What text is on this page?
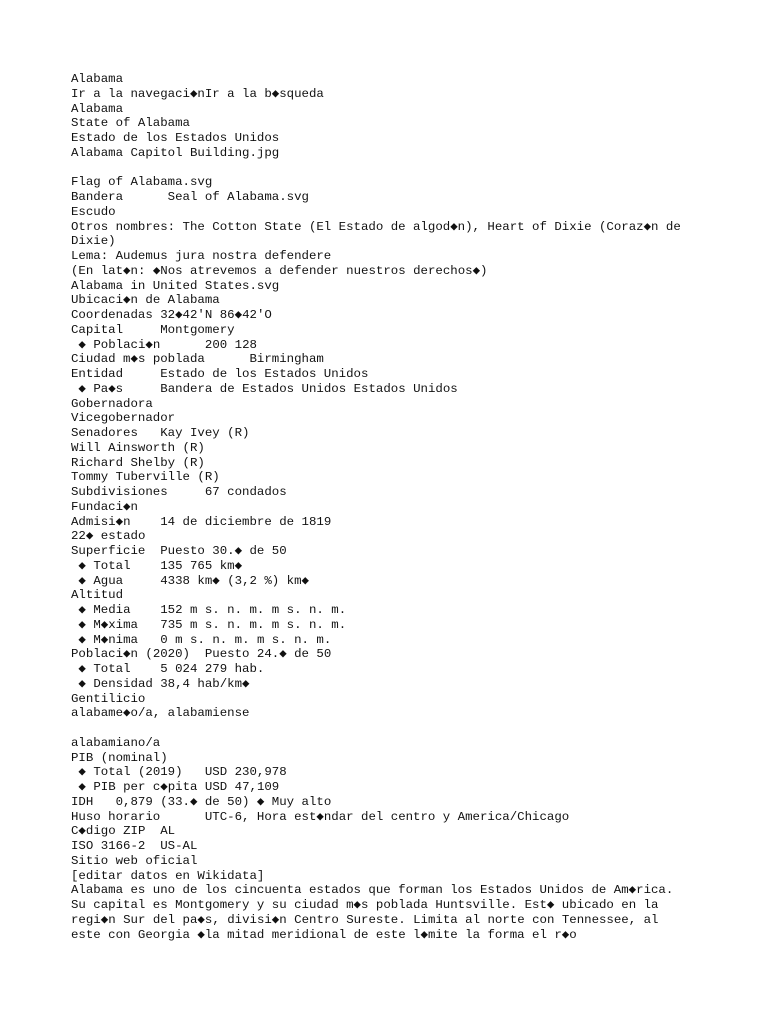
Alabama
Ir a la navegaci◆nIr a la b◆squeda
Alabama
State of Alabama
Estado de los Estados Unidos
Alabama Capitol Building.jpg
Flag of Alabama.svg
Bandera      Seal of Alabama.svg
Escudo
Otros nombres: The Cotton State (El Estado de algod◆n), Heart of Dixie (Coraz◆n de
Dixie)
Lema: Audemus jura nostra defendere
(En lat◆n: ◆Nos atrevemos a defender nuestros derechos◆)
Alabama in United States.svg
Ubicaci◆n de Alabama
Coordenadas 32◆42'N 86◆42'O
Capital     Montgomery
◆ Poblaci◆n      200 128
Ciudad m◆s poblada      Birmingham
Entidad     Estado de los Estados Unidos
◆ Pa◆s     Bandera de Estados Unidos Estados Unidos
Gobernadora
Vicegobernador
Senadores   Kay Ivey (R)
Will Ainsworth (R)
Richard Shelby (R)
Tommy Tuberville (R)
Subdivisiones     67 condados
Fundaci◆n
Admisi◆n    14 de diciembre de 1819
22◆ estado
Superficie  Puesto 30.◆ de 50
◆ Total    135 765 km◆
◆ Agua     4338 km◆ (3,2 %) km◆
Altitud
◆ Media    152 m s. n. m. m s. n. m.
◆ M◆xima   735 m s. n. m. m s. n. m.
◆ M◆nima   0 m s. n. m. m s. n. m.
Poblaci◆n (2020)  Puesto 24.◆ de 50
◆ Total    5 024 279 hab.
◆ Densidad 38,4 hab/km◆
Gentilicio
alabame◆o/a, alabamiense
alabamiano/a
PIB (nominal)
◆ Total (2019)   USD 230,978
◆ PIB per c◆pita USD 47,109
IDH   0,879 (33.◆ de 50) ◆ Muy alto
Huso horario      UTC-6, Hora est◆ndar del centro y America/Chicago
C◆digo ZIP  AL
ISO 3166-2  US-AL
Sitio web oficial
[editar datos en Wikidata]
Alabama es uno de los cincuenta estados que forman los Estados Unidos de Am◆rica.
Su capital es Montgomery y su ciudad m◆s poblada Huntsville. Est◆ ubicado en la
regi◆n Sur del pa◆s, divisi◆n Centro Sureste. Limita al norte con Tennessee, al
este con Georgia ◆la mitad meridional de este l◆mite la forma el r◆o
